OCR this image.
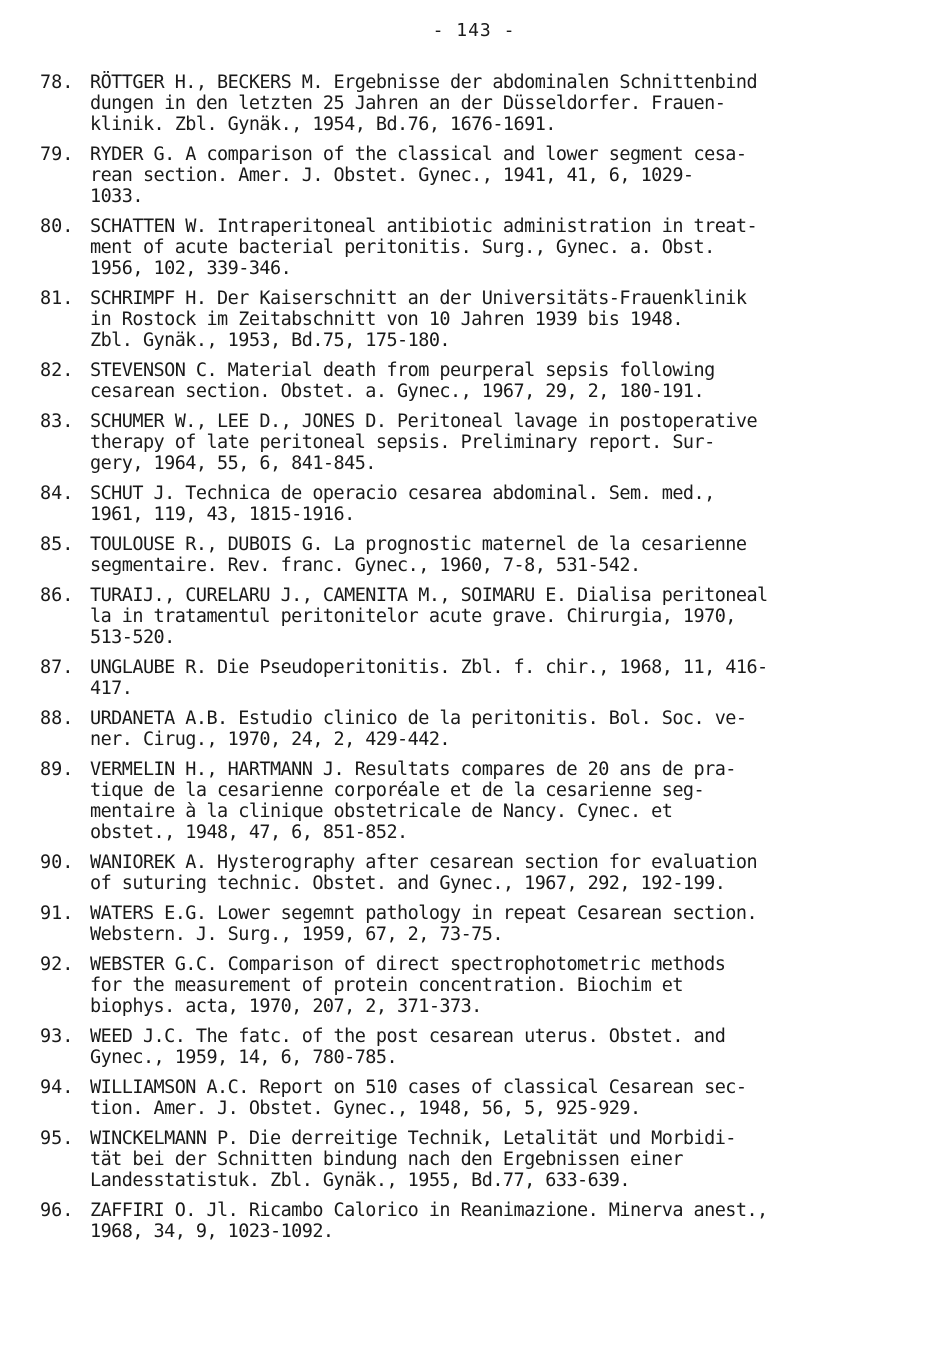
- 143 -
78. RÖTTGER H., BECKERS M. Ergebnisse der abdominalen Schnittenbind
dungen in den letzten 25 Jahren an der Düsseldorfer. Frauen-
klinik. Zbl. Gynäk., 1954, Bd.76, 1676-1691.
79. RYDER G. A comparison of the classical and lower segment cesa-
rean section. Amer. J. Obstet. Gynec., 1941, 41, 6, 1029-
1033.
80. SCHATTEN W. Intraperitoneal antibiotic administration in treat-
ment of acute bacterial peritonitis. Surg., Gynec. a. Obst.
1956, 102, 339-346.
81. SCHRIMPF H. Der Kaiserschnitt an der Universitäts-Frauenklinik
in Rostock im Zeitabschnitt von 10 Jahren 1939 bis 1948.
Zbl. Gynäk., 1953, Bd.75, 175-180.
82. STEVENSON C. Material death from peurperal sepsis following
cesarean section. Obstet. a. Gynec., 1967, 29, 2, 180-191.
83. SCHUMER W., LEE D., JONES D. Peritoneal lavage in postoperative
therapy of late peritoneal sepsis. Preliminary report. Sur-
gery, 1964, 55, 6, 841-845.
84. SCHUT J. Technica de operacio cesarea abdominal. Sem. med.,
1961, 119, 43, 1815-1916.
85. TOULOUSE R., DUBOIS G. La prognostic maternel de la cesarienne
segmentaire. Rev. franc. Gynec., 1960, 7-8, 531-542.
86. TURAIJ., CURELARU J., CAMENITA M., SOIMARU E. Dialisa peritoneal
la in tratamentul peritonitelor acute grave. Chirurgia, 1970,
513-520.
87. UNGLAUBE R. Die Pseudoperitonitis. Zbl. f. chir., 1968, 11, 416-
417.
88. URDANETA A.B. Estudio clinico de la peritonitis. Bol. Soc. ve-
ner. Cirug., 1970, 24, 2, 429-442.
89. VERMELIN H., HARTMANN J. Resultats compares de 20 ans de pra-
tique de la cesarienne corporéale et de la cesarienne seg-
mentaire à la clinique obstetricale de Nancy. Cynec. et
obstet., 1948, 47, 6, 851-852.
90. WANIOREK A. Hysterography after cesarean section for evaluation
of suturing technic. Obstet. and Gynec., 1967, 292, 192-199.
91. WATERS E.G. Lower segemnt pathology in repeat Cesarean section.
Webstern. J. Surg., 1959, 67, 2, 73-75.
92. WEBSTER G.C. Comparison of direct spectrophotometric methods
for the measurement of protein concentration. Biochim et
biophys. acta, 1970, 207, 2, 371-373.
93. WEED J.C. The fatc. of the post cesarean uterus. Obstet. and
Gynec., 1959, 14, 6, 780-785.
94. WILLIAMSON A.C. Report on 510 cases of classical Cesarean sec-
tion. Amer. J. Obstet. Gynec., 1948, 56, 5, 925-929.
95. WINCKELMANN P. Die derreitige Technik, Letalität und Morbidi-
tät bei der Schnitten bindung nach den Ergebnissen einer
Landesstatistuk. Zbl. Gynäk., 1955, Bd.77, 633-639.
96. ZAFFIRI O. Jl. Ricambo Calorico in Reanimazione. Minerva anest.,
1968, 34, 9, 1023-1092.
